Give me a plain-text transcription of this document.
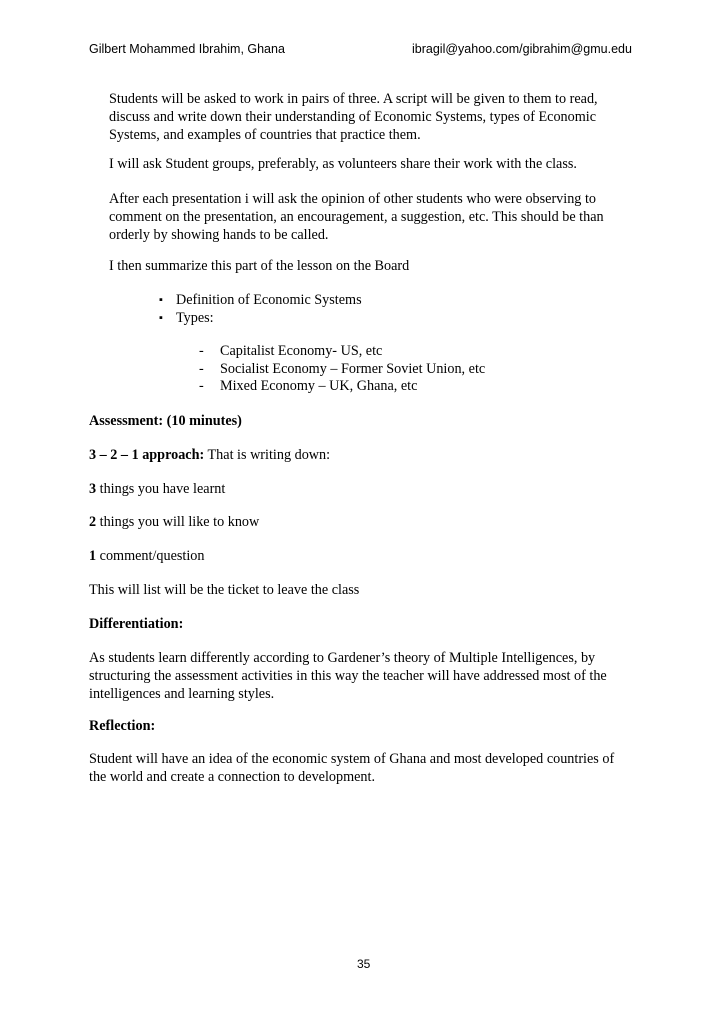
Gilbert Mohammed Ibrahim, Ghana	ibragil@yahoo.com/gibrahim@gmu.edu
Students will be asked to work in pairs of three. A script will be given to them to read,
discuss and write down their understanding of Economic Systems, types of Economic
Systems, and examples of countries that practice them.
I will ask Student groups, preferably, as volunteers share their work with the class.
After each presentation i will ask the opinion of other students who were observing to
comment on the presentation, an encouragement, a suggestion, etc. This should be than
orderly by showing hands to be called.
I then summarize this part of the lesson on the Board
▪ Definition of Economic Systems
▪ Types:
- Capitalist Economy- US, etc
- Socialist Economy – Former Soviet Union, etc
- Mixed Economy – UK, Ghana, etc
Assessment: (10 minutes)
3 – 2 – 1 approach: That is writing down:
3 things you have learnt
2 things you will like to know
1 comment/question
This will list will be the ticket to leave the class
Differentiation:
As students learn differently according to Gardener’s theory of Multiple Intelligences, by
structuring the assessment activities in this way the teacher will have addressed most of the
intelligences and learning styles.
Reflection:
Student will have an idea of the economic system of Ghana and most developed countries of
the world and create a connection to development.
35
